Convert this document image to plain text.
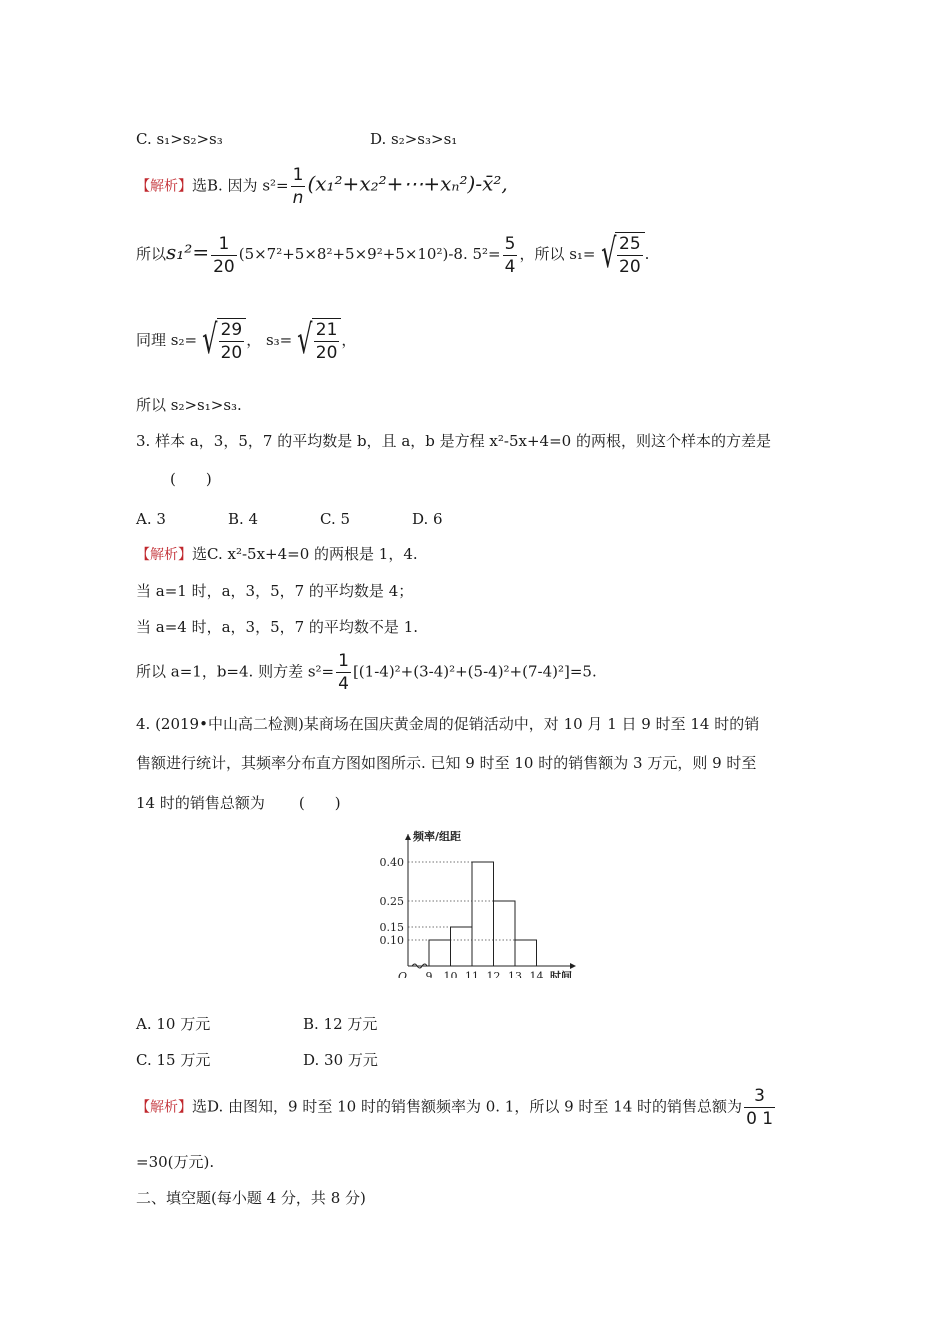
C. s₁>s₂>s₃	D. s₂>s₃>s₁
【解析】选B. 因为 $s^2= \frac{1}{n}$ (x₁²+x₂²+⋯+xₙ²)-x̄²,
所以$s_1^2= \frac{1}{20} (5\times 7^2+5\times 8^2+5\times 9^2+5\times 10^2)-8$. $5^2= \frac{5}{4}$ ，所以 s₁= √ $\frac{25}{20}$ .
同理 s₂= √ $\frac{29}{20}$ ， s₃= √ $\frac{21}{20}$ ，
所以 s₂>s₁>s₃.
3. 样本 a，3，5，7 的平均数是 b，且 a，b 是方程 x²-5x+4=0 的两根，则这个样本的方差是
(　　)
A. 3	B. 4	C. 5	D. 6
【解析】选C. x²-5x+4=0 的两根是 1，4.
当 a=1 时，a，3，5，7 的平均数是 4；
当 a=4 时，a，3，5，7 的平均数不是 1.
所以 a=1，b=4. 则方差 $s^2= \frac{1}{4} [(1-4)^2+(3-4)^2+(5-4)^2+(7-4)^2]=5$.
4. (2019•中山高二检测)某商场在国庆黄金周的促销活动中，对 10 月 1 日 9 时至 14 时的销
售额进行统计，其频率分布直方图如图所示. 已知 9 时至 10 时的销售额为 3 万元，则 9 时至
14 时的销售总额为 (　　)
0.10
0.15
0.25
0.40
9 10 11 12 13 14
O	时间
频率/组距
A. 10 万元	B. 12 万元
C. 15 万元	D. 30 万元
【解析】选D. 由图知，9 时至 10 时的销售额频率为 0. 1，所以 9 时至 14 时的销售总额为 $\frac{3}{0 1}$
=30(万元).
二、填空题(每小题 4 分，共 8 分)
